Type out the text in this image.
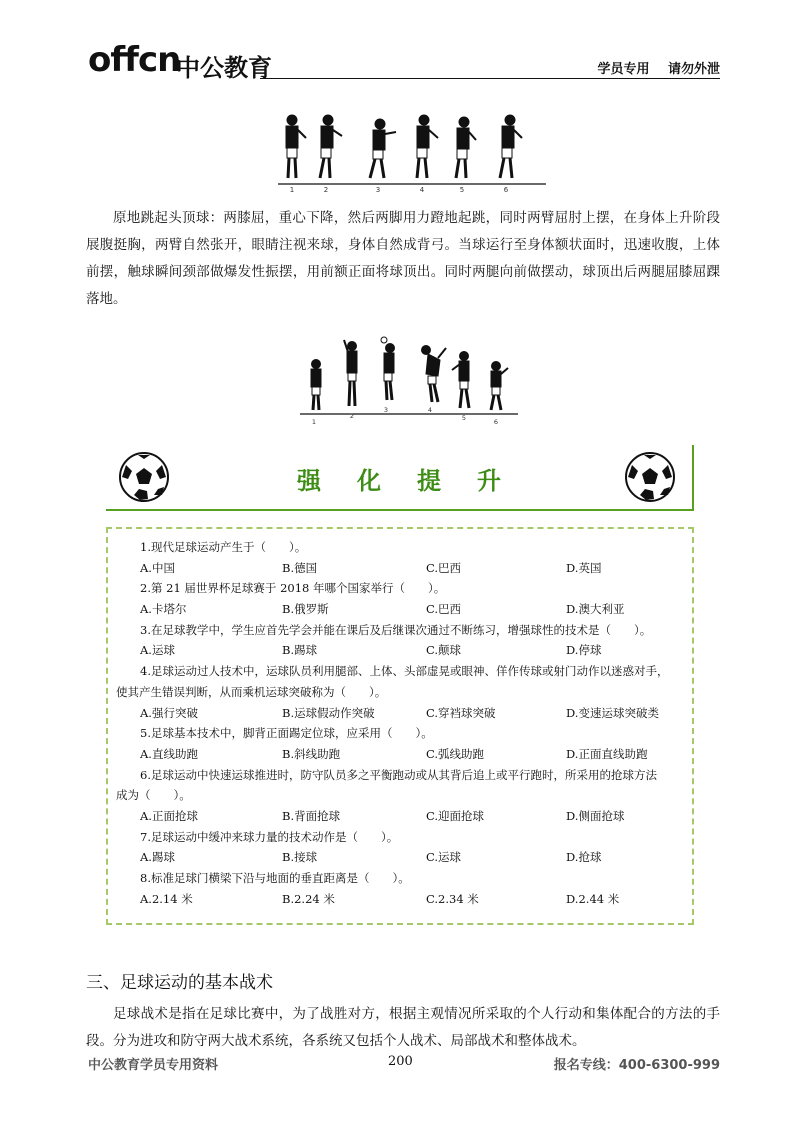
offcn
中公教育	学员专用 请勿外泄
1	2	3	4	5	6

原地跳起头顶球：两膝屈，重心下降，然后两脚用力蹬地起跳，同时两臂屈肘上摆，在身体上升阶段展腹挺胸，两臂自然张开，眼睛注视来球，身体自然成背弓。当球运行至身体额状面时，迅速收腹，上体前摆，触球瞬间颈部做爆发性振摆，用前额正面将球顶出。同时两腿向前做摆动，球顶出后两腿屈膝屈踝落地。

1
2
3	4
5	6
强化提升
1.现代足球运动产生于（　　）。
A.中国	B.德国	C.巴西	D.英国
2.第 21 届世界杯足球赛于 2018 年哪个国家举行（　　）。
A.卡塔尔	B.俄罗斯	C.巴西	D.澳大利亚
3.在足球教学中，学生应首先学会并能在课后及后继课次通过不断练习，增强球性的技术是（　　）。
A.运球	B.踢球	C.颠球	D.停球
4.足球运动过人技术中，运球队员利用腿部、上体、头部虚晃或眼神、佯作传球或射门动作以迷惑对手，
使其产生错误判断，从而乘机运球突破称为（　　）。
A.强行突破	B.运球假动作突破	C.穿裆球突破	D.变速运球突破类
5.足球基本技术中，脚背正面踢定位球，应采用（　　）。
A.直线助跑	B.斜线助跑	C.弧线助跑	D.正面直线助跑
6.足球运动中快速运球推进时，防守队员多之平衡跑动或从其背后追上或平行跑时，所采用的抢球方法
成为（　　）。
A.正面抢球	B.背面抢球	C.迎面抢球	D.侧面抢球
7.足球运动中缓冲来球力量的技术动作是（　　）。
A.踢球	B.接球	C.运球	D.抢球
8.标准足球门横梁下沿与地面的垂直距离是（　　）。
A.2.14 米	B.2.24 米	C.2.34 米	D.2.44 米
三、足球运动的基本战术

足球战术是指在足球比赛中，为了战胜对方，根据主观情况所采取的个人行动和集体配合的方法的手段。分为进攻和防守两大战术系统，各系统又包括个人战术、局部战术和整体战术。

中公教育学员专用资料	200	报名专线：400-6300-999
